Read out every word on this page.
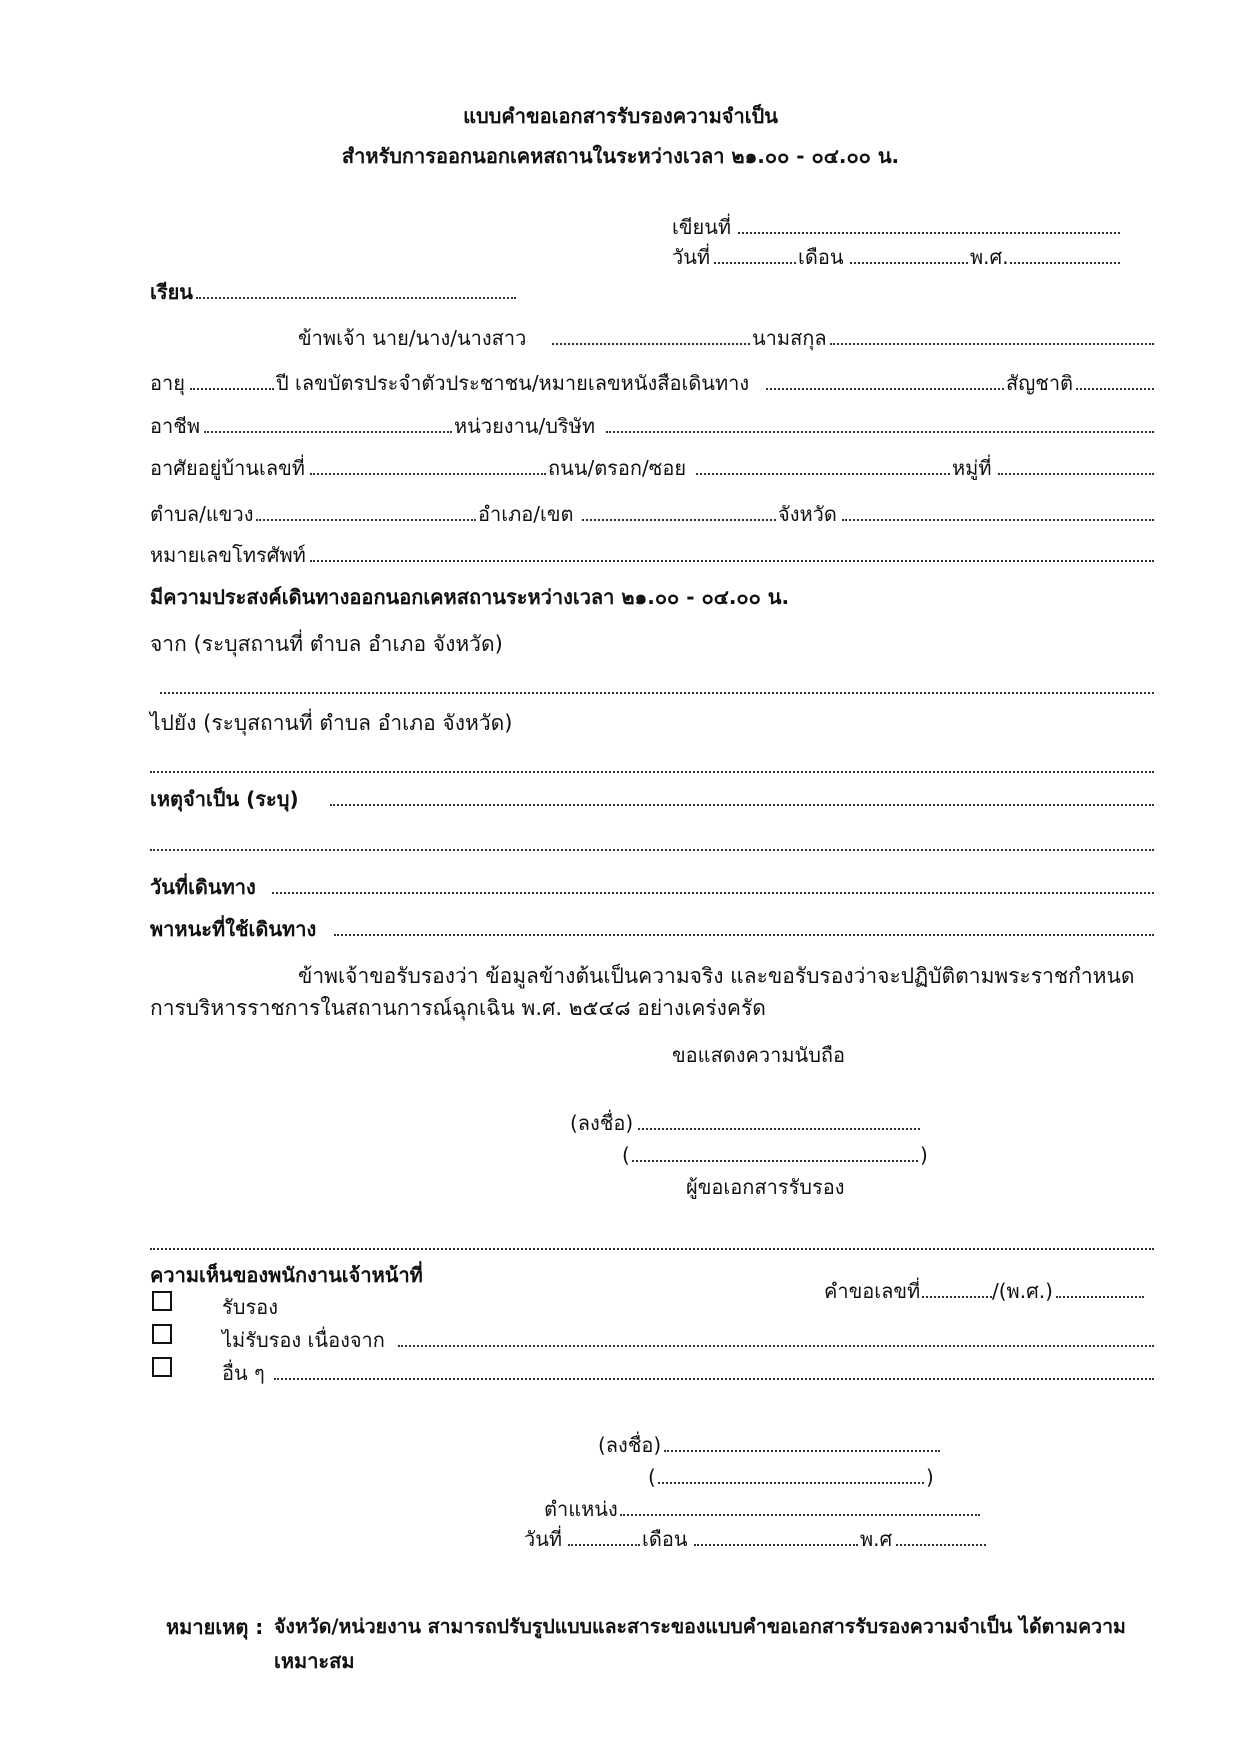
แบบคำขอเอกสารรับรองความจำเป็น
สำหรับการออกนอกเคหสถานในระหว่างเวลา ๒๑.๐๐ - ๐๔.๐๐ น.
เขียนที่
วันที่	เดือน	พ.ศ.
เรียน
ข้าพเจ้า นาย/นาง/นางสาว	นามสกุล
อายุ	ปี เลขบัตรประจำตัวประชาชน/หมายเลขหนังสือเดินทาง	สัญชาติ
อาชีพ	หน่วยงาน/บริษัท
อาศัยอยู่บ้านเลขที่	ถนน/ตรอก/ซอย	หมู่ที่
ตำบล/แขวง	อำเภอ/เขต	จังหวัด
หมายเลขโทรศัพท์
มีความประสงค์เดินทางออกนอกเคหสถานระหว่างเวลา ๒๑.๐๐ - ๐๔.๐๐ น.
จาก (ระบุสถานที่ ตำบล อำเภอ จังหวัด)
ไปยัง (ระบุสถานที่ ตำบล อำเภอ จังหวัด)
เหตุจำเป็น (ระบุ)
วันที่เดินทาง
พาหนะที่ใช้เดินทาง
ข้าพเจ้าขอรับรองว่า ข้อมูลข้างต้นเป็นความจริง และขอรับรองว่าจะปฏิบัติตามพระราชกำหนด
การบริหารราชการในสถานการณ์ฉุกเฉิน พ.ศ. ๒๕๔๘ อย่างเคร่งครัด
ขอแสดงความนับถือ
(ลงชื่อ)
(	)
ผู้ขอเอกสารรับรอง
ความเห็นของพนักงานเจ้าหน้าที่
คำขอเลขที่	/(พ.ศ.)
รับรอง
ไม่รับรอง เนื่องจาก
อื่น ๆ
(ลงชื่อ)
(	)
ตำแหน่ง
วันที่	เดือน	พ.ศ
หมายเหตุ : จังหวัด/หน่วยงาน สามารถปรับรูปแบบและสาระของแบบคำขอเอกสารรับรองความจำเป็น ได้ตามความ
เหมาะสม
